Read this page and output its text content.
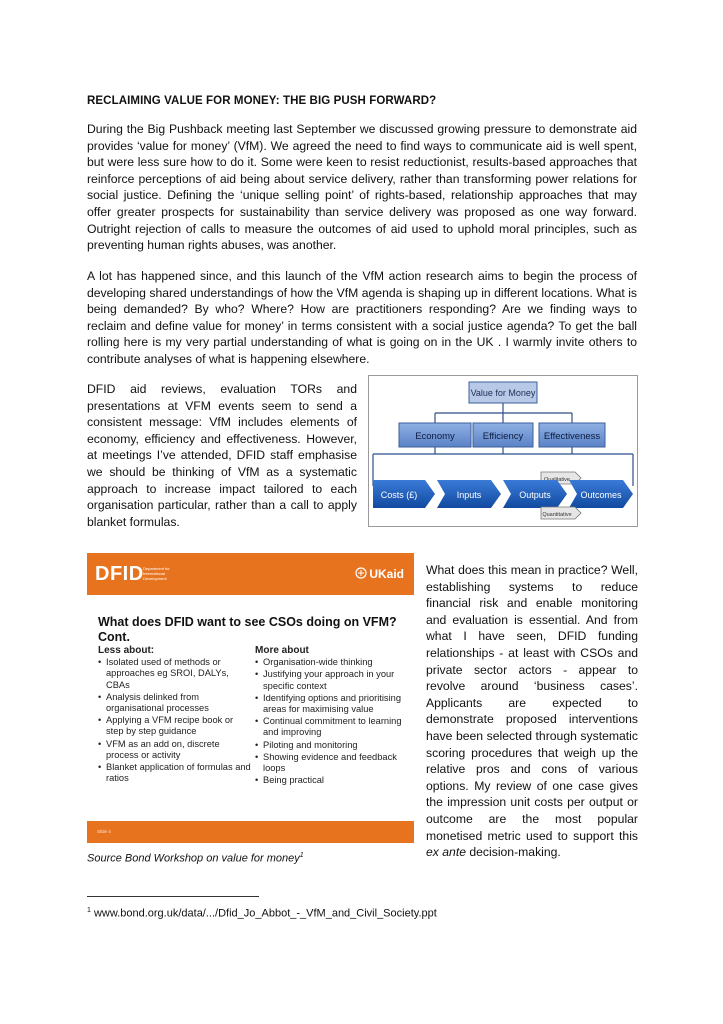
RECLAIMING VALUE FOR MONEY: THE BIG PUSH FORWARD?

During the Big Pushback meeting last September we discussed growing pressure to demonstrate aid provides ‘value for money’ (VfM). We agreed the need to find ways to communicate aid is well spent, but were less sure how to do it. Some were keen to resist reductionist, results-based approaches that reinforce perceptions of aid being about service delivery, rather than transforming power relations for social justice. Defining the ‘unique selling point’ of rights-based, relationship approaches that may offer greater prospects for sustainability than service delivery was proposed as one way forward. Outright rejection of calls to measure the outcomes of aid used to uphold moral principles, such as preventing human rights abuses, was another.

A lot has happened since, and this launch of the VfM action research aims to begin the process of developing shared understandings of how the VfM agenda is shaping up in different locations. What is being demanded? By who? Where? How are practitioners responding? Are we finding ways to reclaim and define value for money’ in terms consistent with a social justice agenda? To get the ball rolling here is my very partial understanding of what is going on in the UK . I warmly invite others to contribute analyses of what is happening elsewhere.

DFID aid reviews, evaluation TORs and presentations at VFM events seem to send a consistent message: VfM includes elements of economy, efficiency and effectiveness. However, at meetings I’ve attended, DFID staff emphasise we should be thinking of VfM as a systematic approach to increase impact tailored to each organisation particular, rather than a call to apply blanket formulas.

Value for Money
Economy	Efficiency Effectiveness
Costs (£)	Inputs	Outputs	Outcomes
Quantitative
DFID Department for International Development	UKaid
What does DFID want to see CSOs doing on VFM? Cont.
Less about:
• Isolated used of methods or approaches eg SROI, DALYs, CBAs
• Analysis delinked from organisational processes
• Applying a VFM recipe book or step by step guidance
• VFM as an add on, discrete process or activity
• Blanket application of formulas and ratios
More about
• Organisation-wide thinking
• Justifying your approach in your specific context
• Identifying options and prioritising areas for maximising value
• Continual commitment to learning and improving
• Piloting and monitoring
• Showing evidence and feedback loops
• Being practical
Slide 4

What does this mean in practice? Well, establishing systems to reduce financial risk and enable monitoring and evaluation is essential. And from what I have seen, DFID funding relationships - at least with CSOs and private sector actors - appear to revolve around ‘business cases’. Applicants are expected to demonstrate proposed interventions have been selected through systematic scoring procedures that weigh up the relative pros and cons of various options. My review of one case gives the impression unit costs per output or outcome are the most popular monetised metric used to support this ex ante decision-making.

Source Bond Workshop on value for money$^1$
$^1$ www.bond.org.uk/data/.../Dfid_Jo_Abbot_-_VfM_and_Civil_Society.ppt
